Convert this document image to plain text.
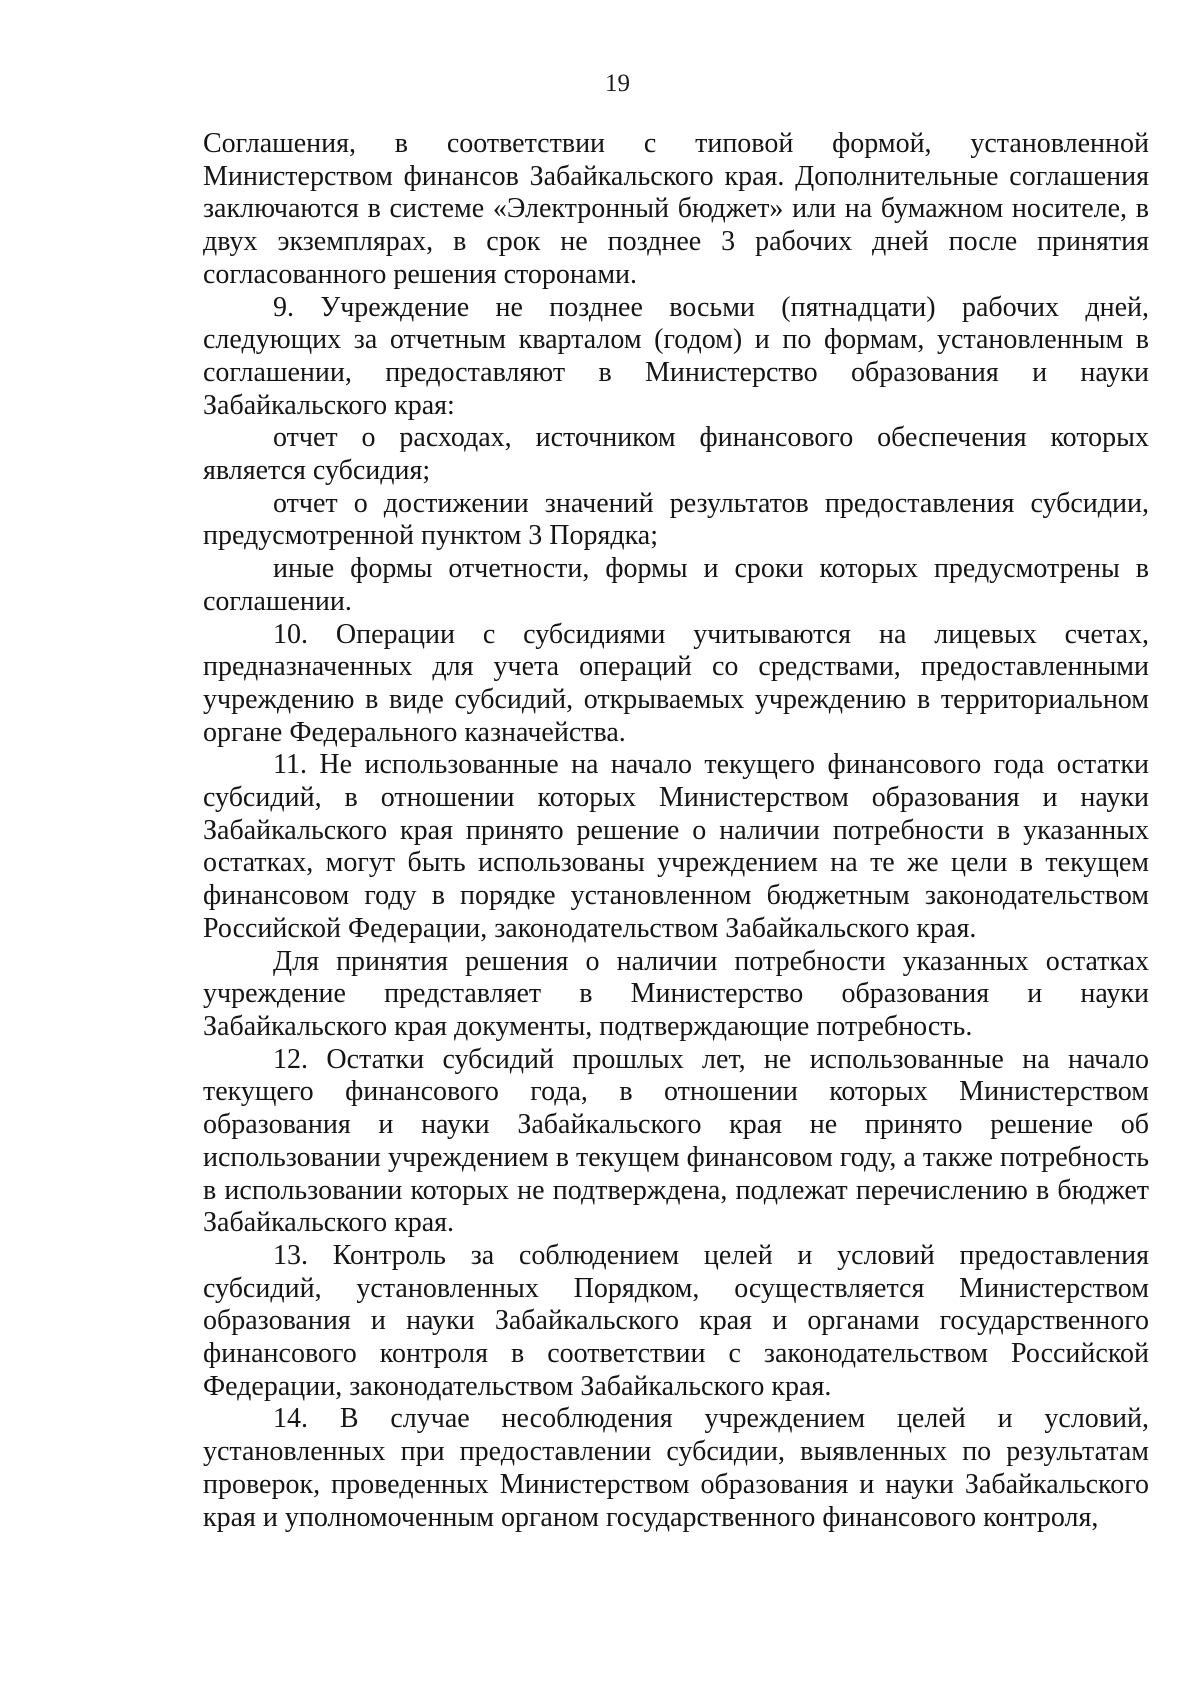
19

Соглашения, в соответствии с типовой формой, установленной Министерством финансов Забайкальского края. Дополнительные соглашения заключаются в системе «Электронный бюджет» или на бумажном носителе, в двух экземплярах, в срок не позднее 3 рабочих дней после принятия согласованного решения сторонами.

9. Учреждение не позднее восьми (пятнадцати) рабочих дней, следующих за отчетным кварталом (годом) и по формам, установленным в соглашении, предоставляют в Министерство образования и науки Забайкальского края:

отчет о расходах, источником финансового обеспечения которых является субсидия;

отчет о достижении значений результатов предоставления субсидии, предусмотренной пунктом 3 Порядка;

иные формы отчетности, формы и сроки которых предусмотрены в соглашении.

10. Операции с субсидиями учитываются на лицевых счетах, предназначенных для учета операций со средствами, предоставленными учреждению в виде субсидий, открываемых учреждению в территориальном органе Федерального казначейства.

11. Не использованные на начало текущего финансового года остатки субсидий, в отношении которых Министерством образования и науки Забайкальского края принято решение о наличии потребности в указанных остатках, могут быть использованы учреждением на те же цели в текущем финансовом году в порядке установленном бюджетным законодательством Российской Федерации, законодательством Забайкальского края.

Для принятия решения о наличии потребности указанных остатках учреждение представляет в Министерство образования и науки Забайкальского края документы, подтверждающие потребность.

12. Остатки субсидий прошлых лет, не использованные на начало текущего финансового года, в отношении которых Министерством образования и науки Забайкальского края не принято решение об использовании учреждением в текущем финансовом году, а также потребность в использовании которых не подтверждена, подлежат перечислению в бюджет Забайкальского края.

13. Контроль за соблюдением целей и условий предоставления субсидий, установленных Порядком, осуществляется Министерством образования и науки Забайкальского края и органами государственного финансового контроля в соответствии с законодательством Российской Федерации, законодательством Забайкальского края.

14. В случае несоблюдения учреждением целей и условий, установленных при предоставлении субсидии, выявленных по результатам проверок, проведенных Министерством образования и науки Забайкальского края и уполномоченным органом государственного финансового контроля,
